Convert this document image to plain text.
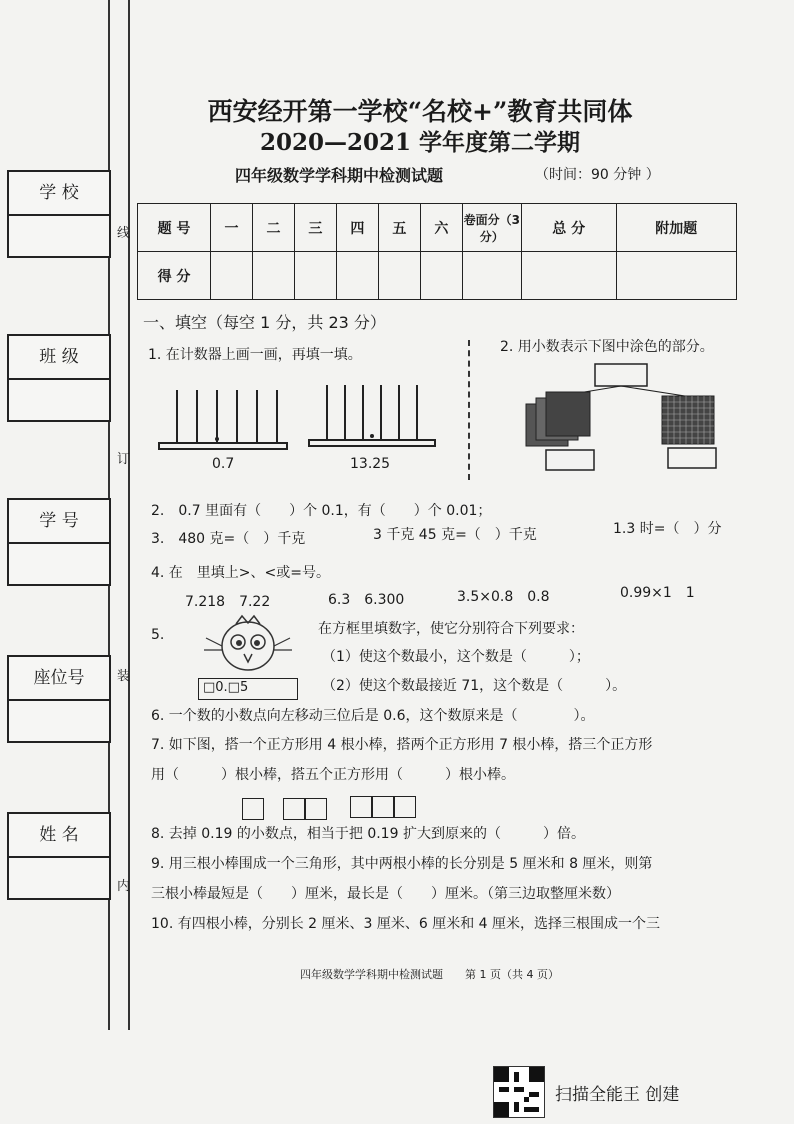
学 校
班 级
学 号
座位号
姓 名
线
订
装
内
西安经开第一学校“名校+”教育共同体
2020—2021 学年度第二学期
四年级数学学科期中检测试题	（时间：90 分钟 ）
题 号	一	二	三	四	五	六	卷面分（3分）	总 分	附加题
得 分									
一、填空（每空 1 分，共 23 分）
1. 在计数器上画一画，再填一填。
0.7	13.25
2. 用小数表示下图中涂色的部分。
2.　0.7 里面有（　　）个 0.1，有（　　）个 0.01；
3.　480 克=（　）千克	3 千克 45 克=（　）千克	1.3 时=（　）分
4. 在　里填上>、<或=号。
7.218　7.22	6.3　6.300	3.5×0.8　0.8	0.99×1　1
5.
□0.□5
在方框里填数字，使它分别符合下列要求：
（1）使这个数最小，这个数是（　　　）；
（2）使这个数最接近 71，这个数是（　　　）。
6. 一个数的小数点向左移动三位后是 0.6，这个数原来是（　　　　）。
7. 如下图，搭一个正方形用 4 根小棒，搭两个正方形用 7 根小棒，搭三个正方形
用（　　　）根小棒，搭五个正方形用（　　　）根小棒。
8. 去掉 0.19 的小数点，相当于把 0.19 扩大到原来的（　　　）倍。
9. 用三根小棒围成一个三角形，其中两根小棒的长分别是 5 厘米和 8 厘米，则第
三根小棒最短是（　　）厘米，最长是（　　）厘米。（第三边取整厘米数）
10. 有四根小棒，分别长 2 厘米、3 厘米、6 厘米和 4 厘米，选择三根围成一个三
四年级数学学科期中检测试题　　第 1 页（共 4 页）
扫描全能王 创建
